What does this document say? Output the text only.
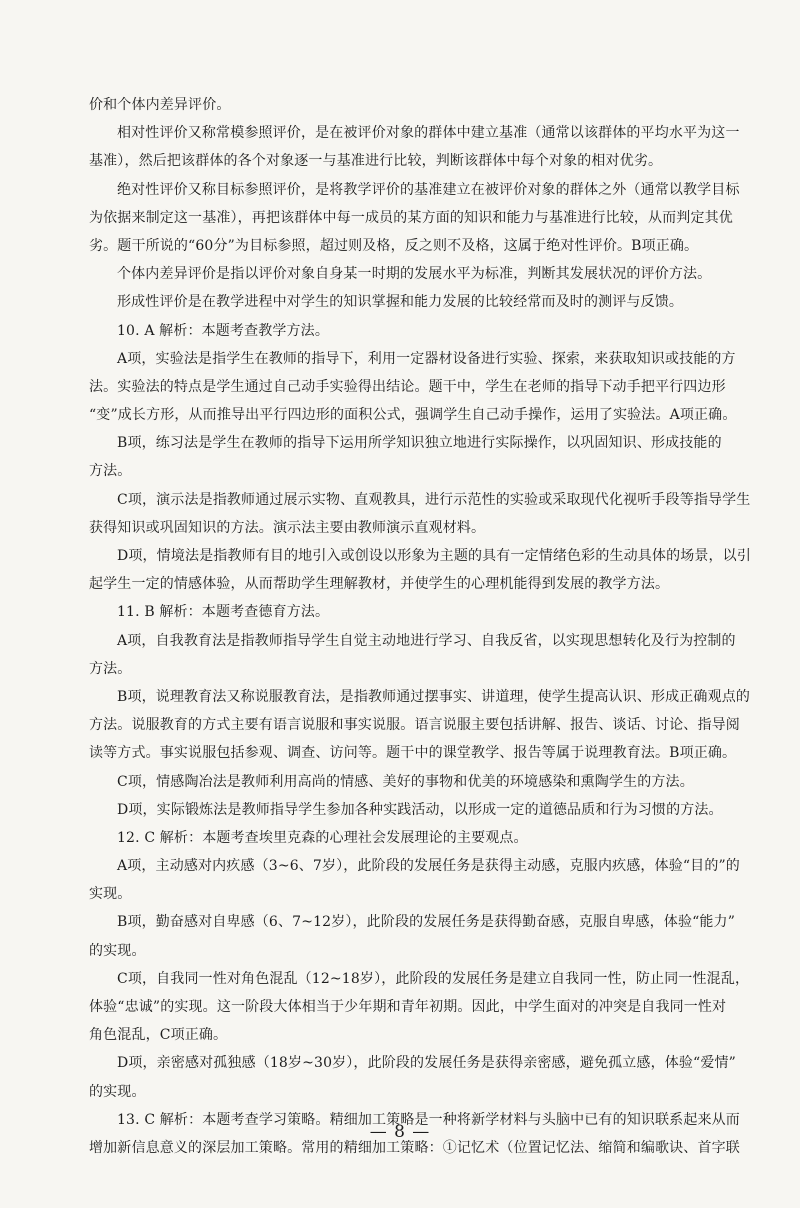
价和个体内差异评价。
相对性评价又称常模参照评价，是在被评价对象的群体中建立基准（通常以该群体的平均水平为这一
基准），然后把该群体的各个对象逐一与基准进行比较，判断该群体中每个对象的相对优劣。
绝对性评价又称目标参照评价，是将教学评价的基准建立在被评价对象的群体之外（通常以教学目标
为依据来制定这一基准），再把该群体中每一成员的某方面的知识和能力与基准进行比较，从而判定其优
劣。题干所说的“60分”为目标参照，超过则及格，反之则不及格，这属于绝对性评价。B项正确。
个体内差异评价是指以评价对象自身某一时期的发展水平为标准，判断其发展状况的评价方法。
形成性评价是在教学进程中对学生的知识掌握和能力发展的比较经常而及时的测评与反馈。
10. A 解析：本题考查教学方法。
A项，实验法是指学生在教师的指导下，利用一定器材设备进行实验、探索，来获取知识或技能的方
法。实验法的特点是学生通过自己动手实验得出结论。题干中，学生在老师的指导下动手把平行四边形
“变”成长方形，从而推导出平行四边形的面积公式，强调学生自己动手操作，运用了实验法。A项正确。
B项，练习法是学生在教师的指导下运用所学知识独立地进行实际操作，以巩固知识、形成技能的
方法。
C项，演示法是指教师通过展示实物、直观教具，进行示范性的实验或采取现代化视听手段等指导学生
获得知识或巩固知识的方法。演示法主要由教师演示直观材料。
D项，情境法是指教师有目的地引入或创设以形象为主题的具有一定情绪色彩的生动具体的场景，以引
起学生一定的情感体验，从而帮助学生理解教材，并使学生的心理机能得到发展的教学方法。
11. B 解析：本题考查德育方法。
A项，自我教育法是指教师指导学生自觉主动地进行学习、自我反省，以实现思想转化及行为控制的
方法。
B项，说理教育法又称说服教育法，是指教师通过摆事实、讲道理，使学生提高认识、形成正确观点的
方法。说服教育的方式主要有语言说服和事实说服。语言说服主要包括讲解、报告、谈话、讨论、指导阅
读等方式。事实说服包括参观、调查、访问等。题干中的课堂教学、报告等属于说理教育法。B项正确。
C项，情感陶冶法是教师利用高尚的情感、美好的事物和优美的环境感染和熏陶学生的方法。
D项，实际锻炼法是教师指导学生参加各种实践活动，以形成一定的道德品质和行为习惯的方法。
12. C 解析：本题考查埃里克森的心理社会发展理论的主要观点。
A项，主动感对内疚感（3~6、7岁），此阶段的发展任务是获得主动感，克服内疚感，体验“目的”的
实现。
B项，勤奋感对自卑感（6、7~12岁），此阶段的发展任务是获得勤奋感，克服自卑感，体验“能力”
的实现。
C项，自我同一性对角色混乱（12~18岁），此阶段的发展任务是建立自我同一性，防止同一性混乱，
体验“忠诚”的实现。这一阶段大体相当于少年期和青年初期。因此，中学生面对的冲突是自我同一性对
角色混乱，C项正确。
D项，亲密感对孤独感（18岁~30岁），此阶段的发展任务是获得亲密感，避免孤立感，体验“爱情”
的实现。
13. C 解析：本题考查学习策略。精细加工策略是一种将新学材料与头脑中已有的知识联系起来从而
增加新信息意义的深层加工策略。常用的精细加工策略：①记忆术（位置记忆法、缩简和编歌诀、首字联
— 8 —
